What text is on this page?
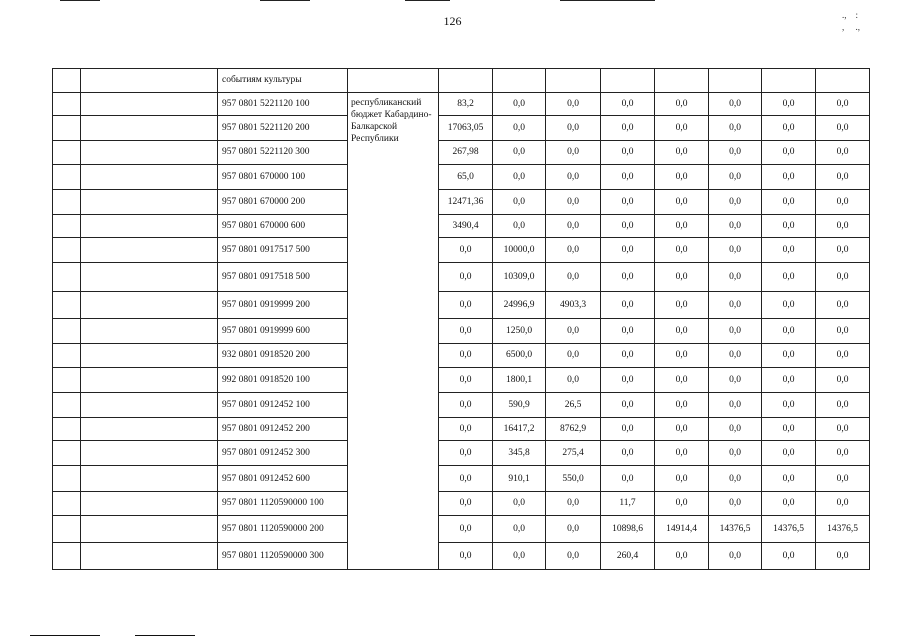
.,    :
,     .,
126
		событиям культуры									
		957 0801 5221120 100	республиканский бюджет Кабардино-Балкарской Республики	83,2	0,0	0,0	0,0	0,0	0,0	0,0	0,0
		957 0801 5221120 200		17063,05	0,0	0,0	0,0	0,0	0,0	0,0	0,0
		957 0801 5221120 300		267,98	0,0	0,0	0,0	0,0	0,0	0,0	0,0
		957 0801 670000 100		65,0	0,0	0,0	0,0	0,0	0,0	0,0	0,0
		957 0801 670000 200		12471,36	0,0	0,0	0,0	0,0	0,0	0,0	0,0
		957 0801 670000 600		3490,4	0,0	0,0	0,0	0,0	0,0	0,0	0,0
		957 0801 0917517 500		0,0	10000,0	0,0	0,0	0,0	0,0	0,0	0,0
		957 0801 0917518 500		0,0	10309,0	0,0	0,0	0,0	0,0	0,0	0,0
		957 0801 0919999 200		0,0	24996,9	4903,3	0,0	0,0	0,0	0,0	0,0
		957 0801 0919999 600		0,0	1250,0	0,0	0,0	0,0	0,0	0,0	0,0
		932 0801 0918520 200		0,0	6500,0	0,0	0,0	0,0	0,0	0,0	0,0
		992 0801 0918520 100		0,0	1800,1	0,0	0,0	0,0	0,0	0,0	0,0
		957 0801 0912452 100		0,0	590,9	26,5	0,0	0,0	0,0	0,0	0,0
		957 0801 0912452 200		0,0	16417,2	8762,9	0,0	0,0	0,0	0,0	0,0
		957 0801 0912452 300		0,0	345,8	275,4	0,0	0,0	0,0	0,0	0,0
		957 0801 0912452 600		0,0	910,1	550,0	0,0	0,0	0,0	0,0	0,0
		957 0801 1120590000 100		0,0	0,0	0,0	11,7	0,0	0,0	0,0	0,0
		957 0801 1120590000 200		0,0	0,0	0,0	10898,6	14914,4	14376,5	14376,5	14376,5
		957 0801 1120590000 300		0,0	0,0	0,0	260,4	0,0	0,0	0,0	0,0
